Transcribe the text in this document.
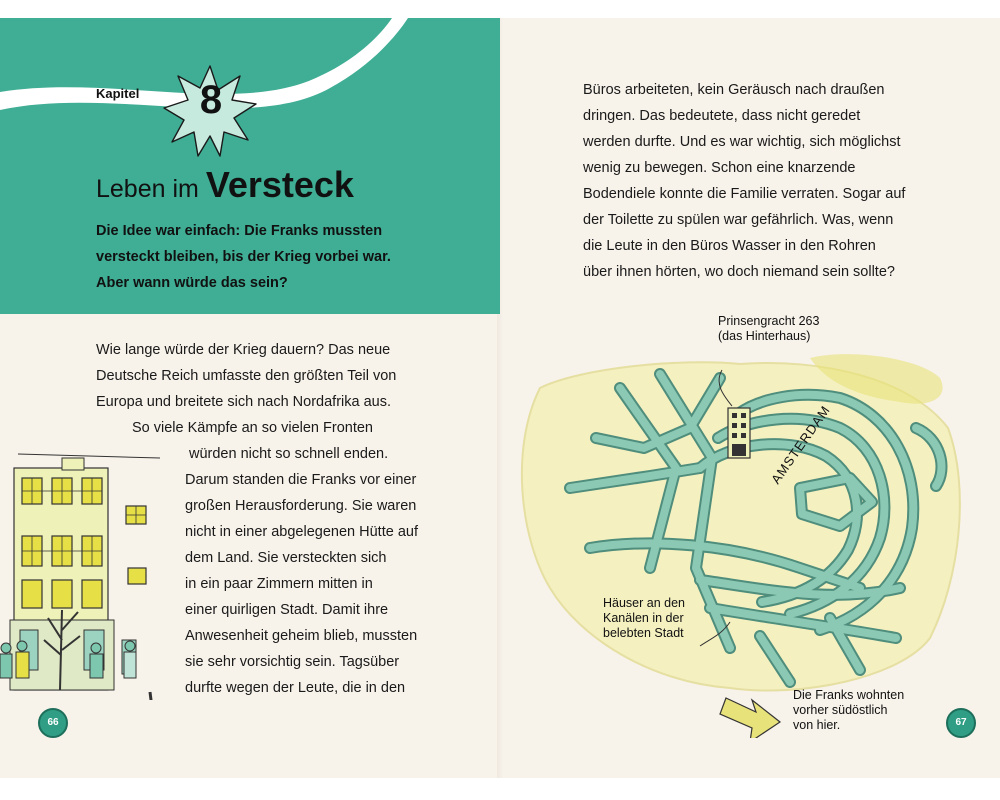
Kapitel	8
Leben im Versteck

Die Idee war einfach: Die Franks mussten versteckt bleiben, bis der Krieg vorbei war. Aber wann würde das sein?

Wie lange würde der Krieg dauern? Das neue
Deutsche Reich umfasste den größten Teil von
Europa und breitete sich nach Nordafrika aus.
So viele Kämpfe an so vielen Fronten
würden nicht so schnell enden.
Darum standen die Franks vor einer
großen Herausforderung. Sie waren
nicht in einer abgelegenen Hütte auf
dem Land. Sie versteckten sich
in ein paar Zimmern mitten in
einer quirligen Stadt. Damit ihre
Anwesenheit geheim blieb, mussten
sie sehr vorsichtig sein. Tagsüber
durfte wegen der Leute, die in den
66
Büros arbeiteten, kein Geräusch nach draußen
dringen. Das bedeutete, dass nicht geredet
werden durfte. Und es war wichtig, sich möglichst
wenig zu bewegen. Schon eine knarzende
Bodendiele konnte die Familie verraten. Sogar auf
der Toilette zu spülen war gefährlich. Was, wenn
die Leute in den Büros Wasser in den Rohren
über ihnen hörten, wo doch niemand sein sollte?
Prinsengracht 263
(das Hinterhaus)
AMSTERDAM
Häuser an den
Kanälen in der
belebten Stadt
Die Franks wohnten
vorher südöstlich
von hier.	67
